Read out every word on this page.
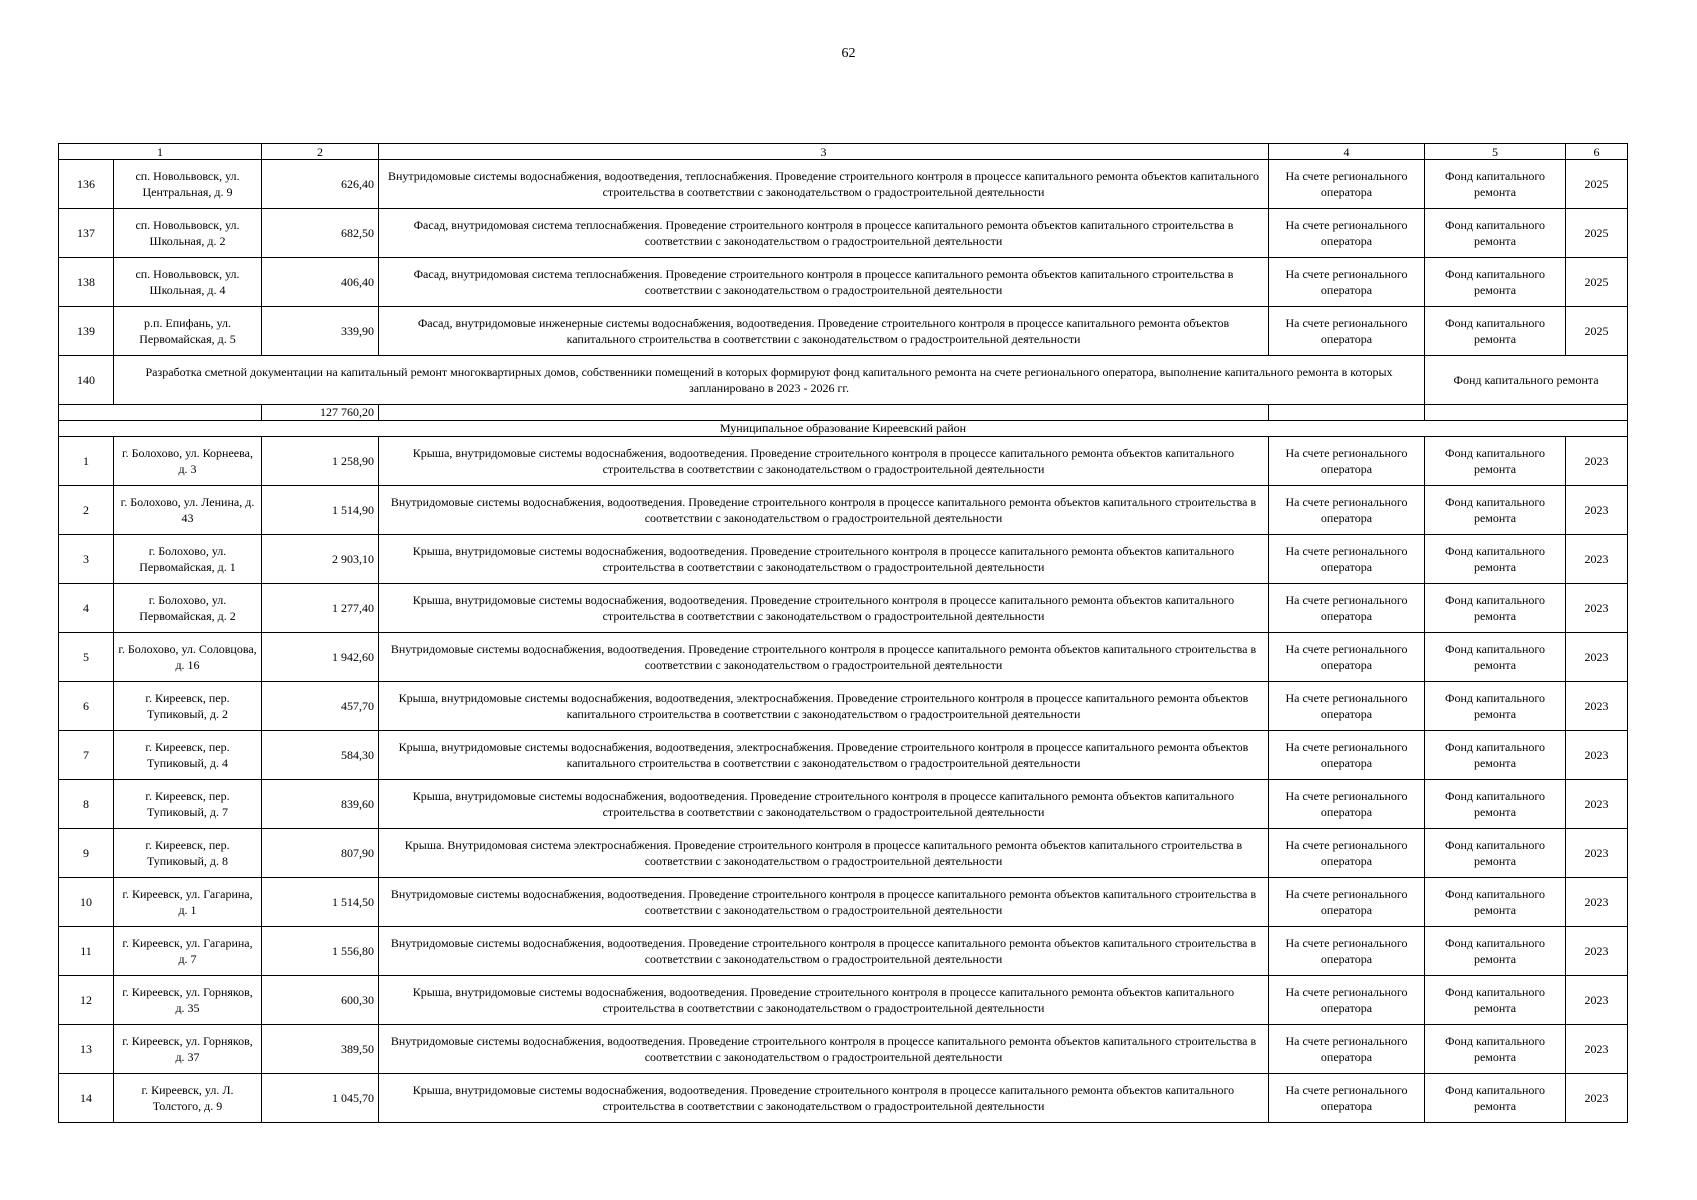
62
1		2	3	4	5	6
136	сп. Новольвовск, ул. Центральная, д. 9	626,40	Внутридомовые системы водоснабжения, водоотведения, теплоснабжения. Проведение строительного контроля в процессе капитального ремонта объектов капитального строительства в соответствии с законодательством о градостроительной деятельности	На счете регионального оператора	Фонд капитального ремонта	2025
137	сп. Новольвовск, ул. Школьная, д. 2	682,50	Фасад, внутридомовая система теплоснабжения. Проведение строительного контроля в процессе капитального ремонта объектов капитального строительства в соответствии с законодательством о градостроительной деятельности	На счете регионального оператора	Фонд капитального ремонта	2025
138	сп. Новольвовск, ул. Школьная, д. 4	406,40	Фасад, внутридомовая система теплоснабжения. Проведение строительного контроля в процессе капитального ремонта объектов капитального строительства в соответствии с законодательством о градостроительной деятельности	На счете регионального оператора	Фонд капитального ремонта	2025
139	р.п. Епифань, ул. Первомайская, д. 5	339,90	Фасад, внутридомовые инженерные системы водоснабжения, водоотведения. Проведение строительного контроля в процессе капитального ремонта объектов капитального строительства в соответствии с законодательством о градостроительной деятельности	На счете регионального оператора	Фонд капитального ремонта	2025
140	Разработка сметной документации на капитальный ремонт многоквартирных домов, собственники помещений в которых формируют фонд капитального ремонта на счете регионального оператора, выполнение капитального ремонта в которых запланировано в 2023 - 2026 гг.				Фонд капитального ремонта	
		127 760,20				
Муниципальное образование Киреевский район						
1	г. Болохово, ул. Корнеева, д. 3	1 258,90	Крыша, внутридомовые системы водоснабжения, водоотведения. Проведение строительного контроля в процессе капитального ремонта объектов капитального строительства в соответствии с законодательством о градостроительной деятельности	На счете регионального оператора	Фонд капитального ремонта	2023
2	г. Болохово, ул. Ленина, д. 43	1 514,90	Внутридомовые системы водоснабжения, водоотведения. Проведение строительного контроля в процессе капитального ремонта объектов капитального строительства в соответствии с законодательством о градостроительной деятельности	На счете регионального оператора	Фонд капитального ремонта	2023
3	г. Болохово, ул. Первомайская, д. 1	2 903,10	Крыша, внутридомовые системы водоснабжения, водоотведения. Проведение строительного контроля в процессе капитального ремонта объектов капитального строительства в соответствии с законодательством о градостроительной деятельности	На счете регионального оператора	Фонд капитального ремонта	2023
4	г. Болохово, ул. Первомайская, д. 2	1 277,40	Крыша, внутридомовые системы водоснабжения, водоотведения. Проведение строительного контроля в процессе капитального ремонта объектов капитального строительства в соответствии с законодательством о градостроительной деятельности	На счете регионального оператора	Фонд капитального ремонта	2023
5	г. Болохово, ул. Соловцова, д. 16	1 942,60	Внутридомовые системы водоснабжения, водоотведения. Проведение строительного контроля в процессе капитального ремонта объектов капитального строительства в соответствии с законодательством о градостроительной деятельности	На счете регионального оператора	Фонд капитального ремонта	2023
6	г. Киреевск, пер. Тупиковый, д. 2	457,70	Крыша, внутридомовые системы водоснабжения, водоотведения, электроснабжения. Проведение строительного контроля в процессе капитального ремонта объектов капитального строительства в соответствии с законодательством о градостроительной деятельности	На счете регионального оператора	Фонд капитального ремонта	2023
7	г. Киреевск, пер. Тупиковый, д. 4	584,30	Крыша, внутридомовые системы водоснабжения, водоотведения, электроснабжения. Проведение строительного контроля в процессе капитального ремонта объектов капитального строительства в соответствии с законодательством о градостроительной деятельности	На счете регионального оператора	Фонд капитального ремонта	2023
8	г. Киреевск, пер. Тупиковый, д. 7	839,60	Крыша, внутридомовые системы водоснабжения, водоотведения. Проведение строительного контроля в процессе капитального ремонта объектов капитального строительства в соответствии с законодательством о градостроительной деятельности	На счете регионального оператора	Фонд капитального ремонта	2023
9	г. Киреевск, пер. Тупиковый, д. 8	807,90	Крыша. Внутридомовая система электроснабжения. Проведение строительного контроля в процессе капитального ремонта объектов капитального строительства в соответствии с законодательством о градостроительной деятельности	На счете регионального оператора	Фонд капитального ремонта	2023
10	г. Киреевск, ул. Гагарина, д. 1	1 514,50	Внутридомовые системы водоснабжения, водоотведения. Проведение строительного контроля в процессе капитального ремонта объектов капитального строительства в соответствии с законодательством о градостроительной деятельности	На счете регионального оператора	Фонд капитального ремонта	2023
11	г. Киреевск, ул. Гагарина, д. 7	1 556,80	Внутридомовые системы водоснабжения, водоотведения. Проведение строительного контроля в процессе капитального ремонта объектов капитального строительства в соответствии с законодательством о градостроительной деятельности	На счете регионального оператора	Фонд капитального ремонта	2023
12	г. Киреевск, ул. Горняков, д. 35	600,30	Крыша, внутридомовые системы водоснабжения, водоотведения. Проведение строительного контроля в процессе капитального ремонта объектов капитального строительства в соответствии с законодательством о градостроительной деятельности	На счете регионального оператора	Фонд капитального ремонта	2023
13	г. Киреевск, ул. Горняков, д. 37	389,50	Внутридомовые системы водоснабжения, водоотведения. Проведение строительного контроля в процессе капитального ремонта объектов капитального строительства в соответствии с законодательством о градостроительной деятельности	На счете регионального оператора	Фонд капитального ремонта	2023
14	г. Киреевск, ул. Л. Толстого, д. 9	1 045,70	Крыша, внутридомовые системы водоснабжения, водоотведения. Проведение строительного контроля в процессе капитального ремонта объектов капитального строительства в соответствии с законодательством о градостроительной деятельности	На счете регионального оператора	Фонд капитального ремонта	2023
